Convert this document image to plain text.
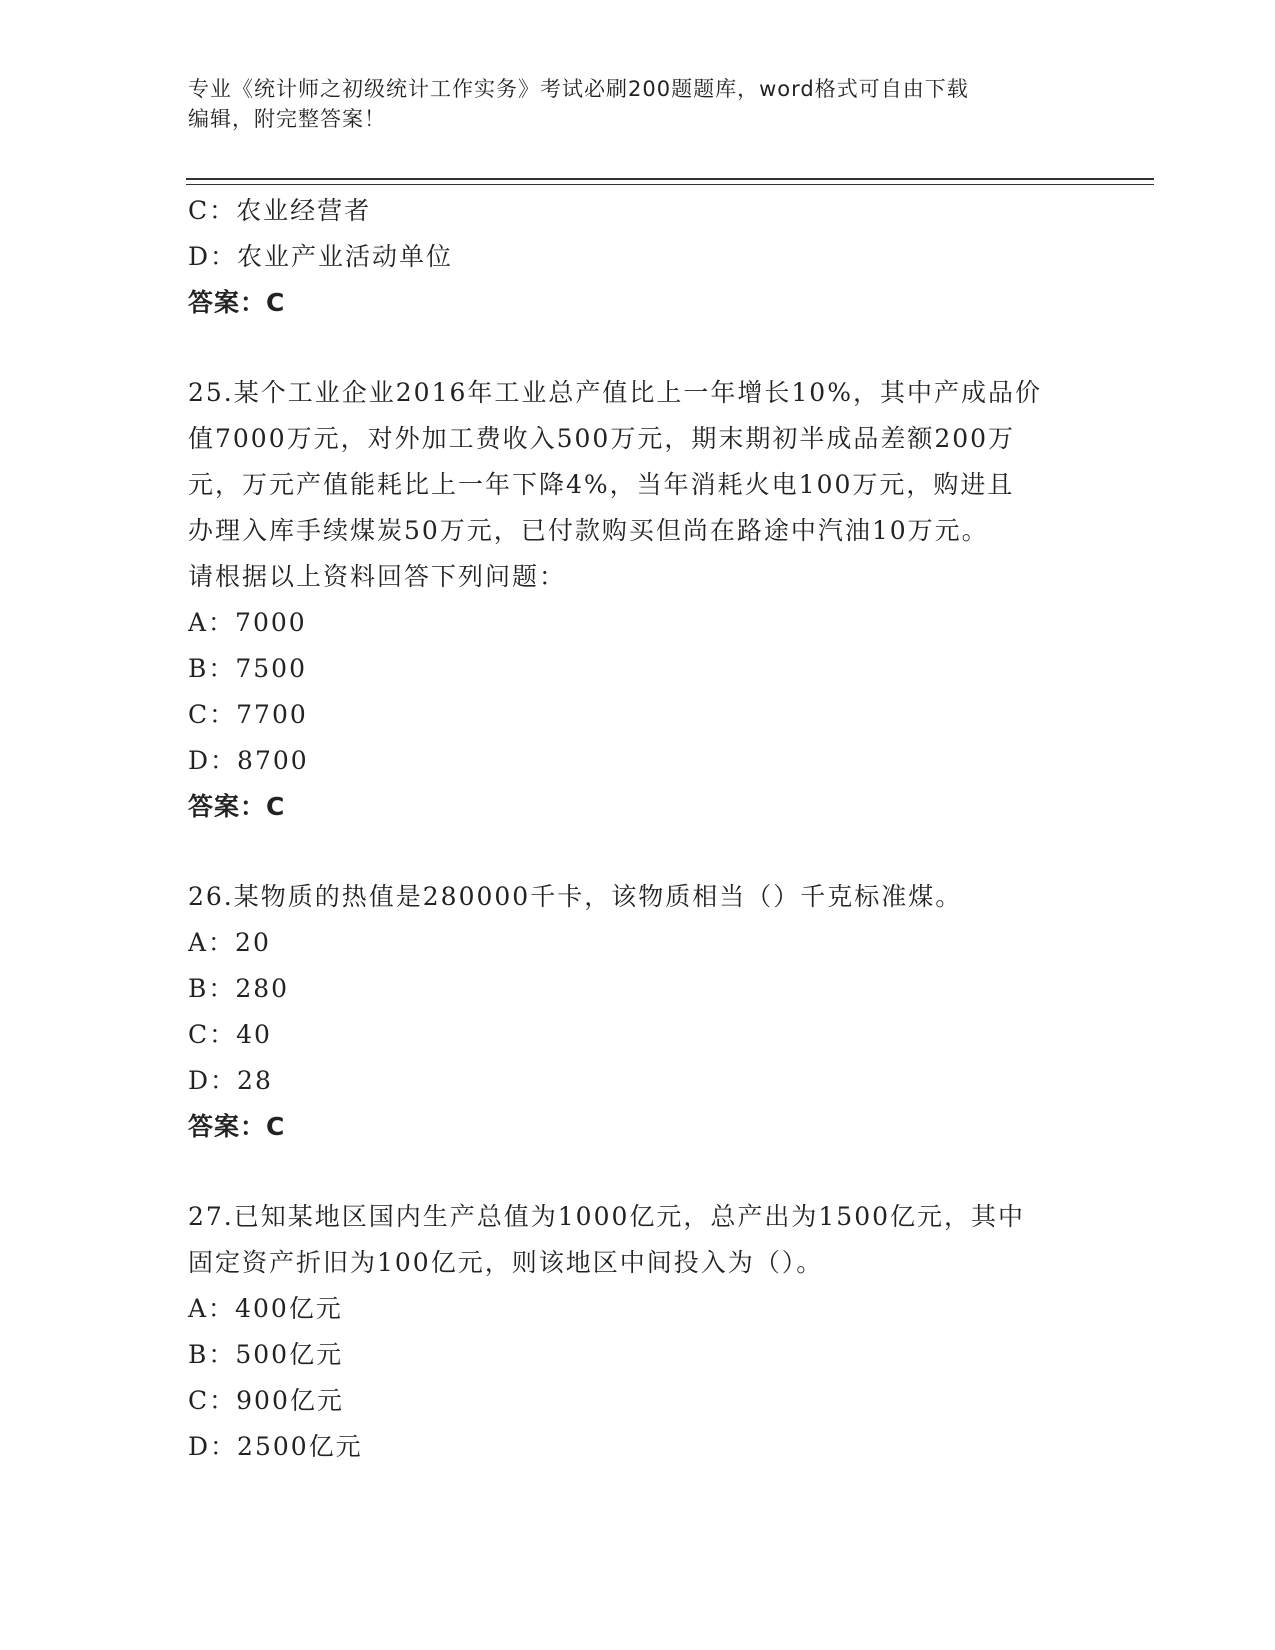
专业《统计师之初级统计工作实务》考试必刷200题题库，word格式可自由下载
编辑，附完整答案！
C：农业经营者
D：农业产业活动单位
答案：C
25.某个工业企业2016年工业总产值比上一年增长10%，其中产成品价
值7000万元，对外加工费收入500万元，期末期初半成品差额200万
元，万元产值能耗比上一年下降4%，当年消耗火电100万元，购进且
办理入库手续煤炭50万元，已付款购买但尚在路途中汽油10万元。
请根据以上资料回答下列问题：
A：7000
B：7500
C：7700
D：8700
答案：C
26.某物质的热值是280000千卡，该物质相当（）千克标准煤。
A：20
B：280
C：40
D：28
答案：C
27.已知某地区国内生产总值为1000亿元，总产出为1500亿元，其中
固定资产折旧为100亿元，则该地区中间投入为（）。
A：400亿元
B：500亿元
C：900亿元
D：2500亿元
